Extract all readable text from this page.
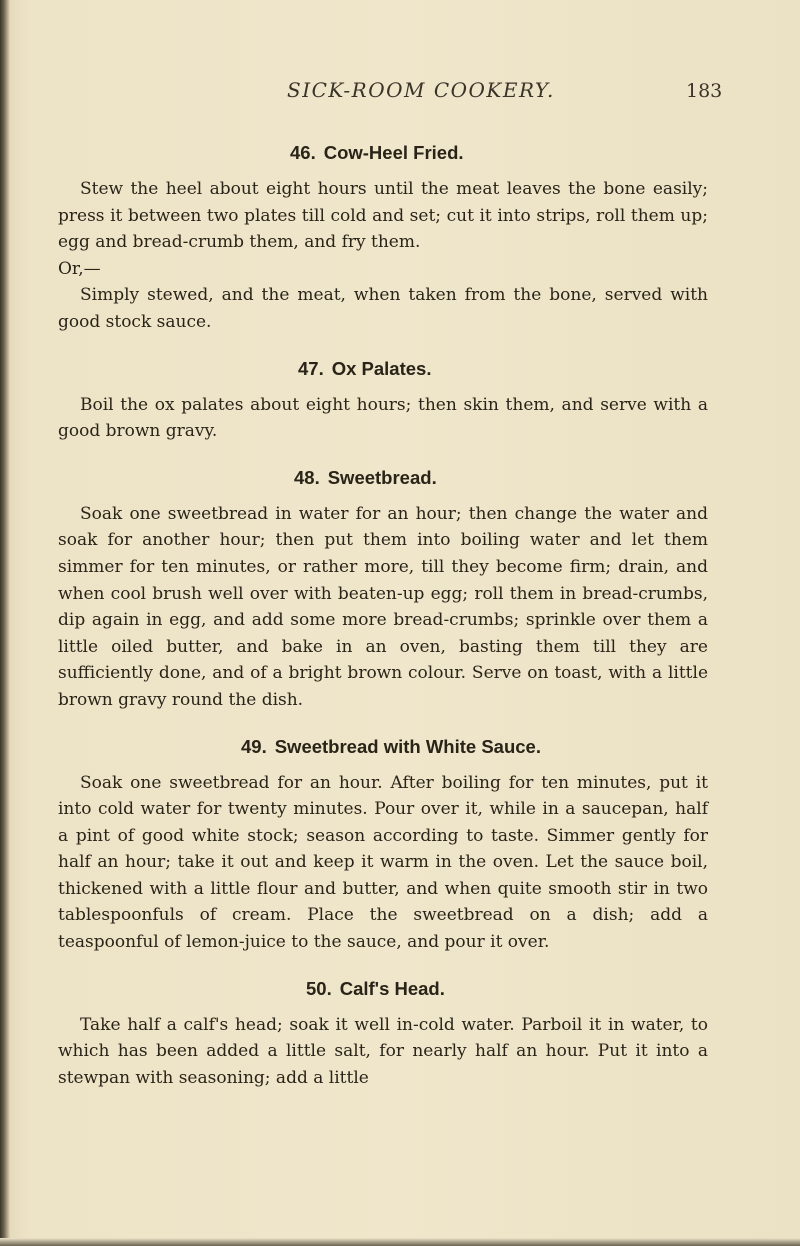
SICK-ROOM COOKERY.	183
46. Cow-Heel Fried.

Stew the heel about eight hours until the meat leaves the bone easily; press it between two plates till cold and set; cut it into strips, roll them up; egg and bread-crumb them, and fry them.

Or,—

Simply stewed, and the meat, when taken from the bone, served with good stock sauce.

47. Ox Palates.

Boil the ox palates about eight hours; then skin them, and serve with a good brown gravy.

48. Sweetbread.

Soak one sweetbread in water for an hour; then change the water and soak for another hour; then put them into boiling water and let them simmer for ten minutes, or rather more, till they become firm; drain, and when cool brush well over with beaten-up egg; roll them in bread-crumbs, dip again in egg, and add some more bread-crumbs; sprinkle over them a little oiled butter, and bake in an oven, basting them till they are sufficiently done, and of a bright brown colour. Serve on toast, with a little brown gravy round the dish.

49. Sweetbread with White Sauce.

Soak one sweetbread for an hour. After boiling for ten minutes, put it into cold water for twenty minutes. Pour over it, while in a saucepan, half a pint of good white stock; season according to taste. Simmer gently for half an hour; take it out and keep it warm in the oven. Let the sauce boil, thickened with a little flour and butter, and when quite smooth stir in two tablespoonfuls of cream. Place the sweetbread on a dish; add a teaspoonful of lemon-juice to the sauce, and pour it over.

50. Calf's Head.

Take half a calf's head; soak it well in-cold water. Parboil it in water, to which has been added a little salt, for nearly half an hour. Put it into a stewpan with seasoning; add a little
